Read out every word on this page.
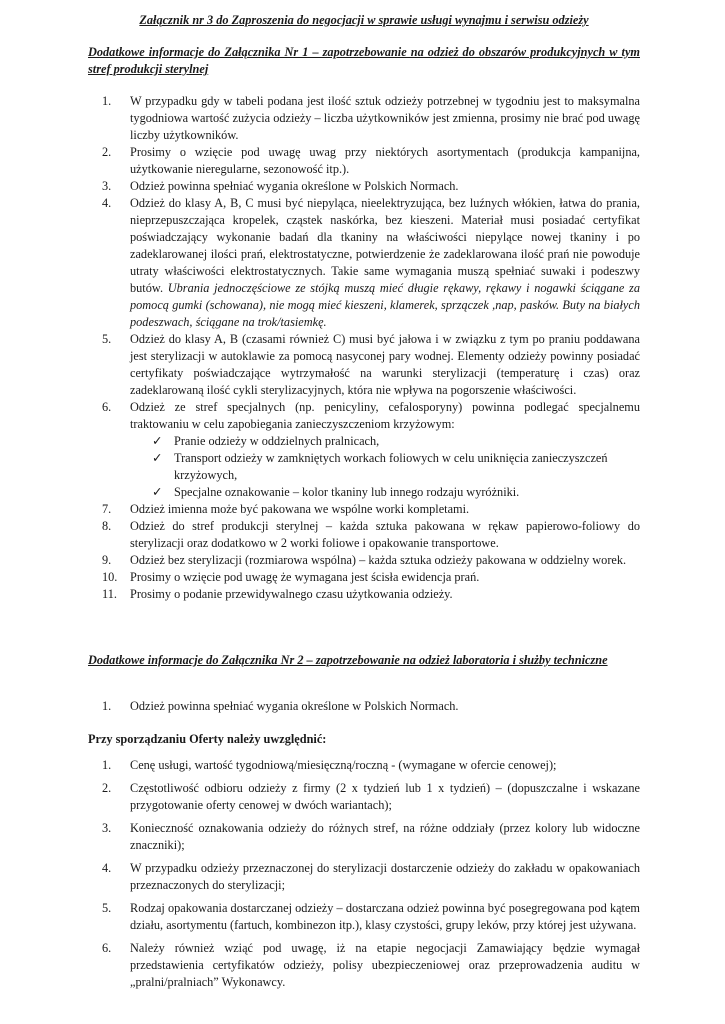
Załącznik nr 3 do Zaproszenia do negocjacji w sprawie usługi wynajmu i serwisu odzieży
Dodatkowe informacje do Załącznika Nr 1 – zapotrzebowanie na odzież do obszarów produkcyjnych w tym stref produkcji sterylnej
1.	W przypadku gdy w tabeli podana jest ilość sztuk odzieży potrzebnej w tygodniu jest to maksymalna tygodniowa wartość zużycia odzieży – liczba użytkowników jest zmienna, prosimy nie brać pod uwagę liczby użytkowników.
2.	Prosimy o wzięcie pod uwagę uwag przy niektórych asortymentach (produkcja kampanijna, użytkowanie nieregularne, sezonowość itp.).
3.	Odzież powinna spełniać wygania określone w Polskich Normach.
4.	Odzież do klasy A, B, C musi być niepyląca, nieelektryzująca, bez luźnych włókien, łatwa do prania, nieprzepuszczająca kropelek, cząstek naskórka, bez kieszeni. Materiał musi posiadać certyfikat poświadczający wykonanie badań dla tkaniny na właściwości niepylące nowej tkaniny i po zadeklarowanej ilości prań, elektrostatyczne, potwierdzenie że zadeklarowana ilość prań nie powoduje utraty właściwości elektrostatycznych. Takie same wymagania muszą spełniać suwaki i podeszwy butów. Ubrania jednoczęściowe ze stójką muszą mieć długie rękawy, rękawy i nogawki ściągane za pomocą gumki (schowana), nie mogą mieć kieszeni, klamerek, sprzączek ,nap, pasków. Buty na białych podeszwach, ściągane na trok/tasiemkę.
5.	Odzież do klasy A, B (czasami również C) musi być jałowa i w związku z tym po praniu poddawana jest sterylizacji w autoklawie za pomocą nasyconej pary wodnej. Elementy odzieży powinny posiadać certyfikaty poświadczające wytrzymałość na warunki sterylizacji (temperaturę i czas) oraz zadeklarowaną ilość cykli sterylizacyjnych, która nie wpływa na pogorszenie właściwości.
6.	Odzież ze stref specjalnych (np. penicyliny, cefalosporyny) powinna podlegać specjalnemu traktowaniu w celu zapobiegania zanieczyszczeniom krzyżowym:
✓ Pranie odzieży w oddzielnych pralnicach,
✓ Transport odzieży w zamkniętych workach foliowych w celu uniknięcia zanieczyszczeń krzyżowych,
✓ Specjalne oznakowanie – kolor tkaniny lub innego rodzaju wyróżniki.
7.	Odzież imienna może być pakowana we wspólne worki kompletami.
8.	Odzież do stref produkcji sterylnej – każda sztuka pakowana w rękaw papierowo-foliowy do sterylizacji oraz dodatkowo w 2 worki foliowe i opakowanie transportowe.
9.	Odzież bez sterylizacji (rozmiarowa wspólna) – każda sztuka odzieży pakowana w oddzielny worek.
10.	Prosimy o wzięcie pod uwagę że wymagana jest ścisła ewidencja prań.
11.	Prosimy o podanie przewidywalnego czasu użytkowania odzieży.
Dodatkowe informacje do Załącznika Nr 2 – zapotrzebowanie na odzież laboratoria i służby techniczne
1.	Odzież powinna spełniać wygania określone w Polskich Normach.
Przy sporządzaniu Oferty należy uwzględnić:
1.	Cenę usługi, wartość tygodniową/miesięczną/roczną - (wymagane w ofercie cenowej);
2.	Częstotliwość odbioru odzieży z firmy (2 x tydzień lub 1 x tydzień) – (dopuszczalne i wskazane przygotowanie oferty cenowej w dwóch wariantach);
3.	Konieczność oznakowania odzieży do różnych stref, na różne oddziały (przez kolory lub widoczne znaczniki);
4.	W przypadku odzieży przeznaczonej do sterylizacji dostarczenie odzieży do zakładu w opakowaniach przeznaczonych do sterylizacji;
5.	Rodzaj opakowania dostarczanej odzieży – dostarczana odzież powinna być posegregowana pod kątem działu, asortymentu (fartuch, kombinezon itp.), klasy czystości, grupy leków, przy której jest używana.
6.	Należy również wziąć pod uwagę, iż na etapie negocjacji Zamawiający będzie wymagał przedstawienia certyfikatów odzieży, polisy ubezpieczeniowej oraz przeprowadzenia auditu w „pralni/pralniach” Wykonawcy.
